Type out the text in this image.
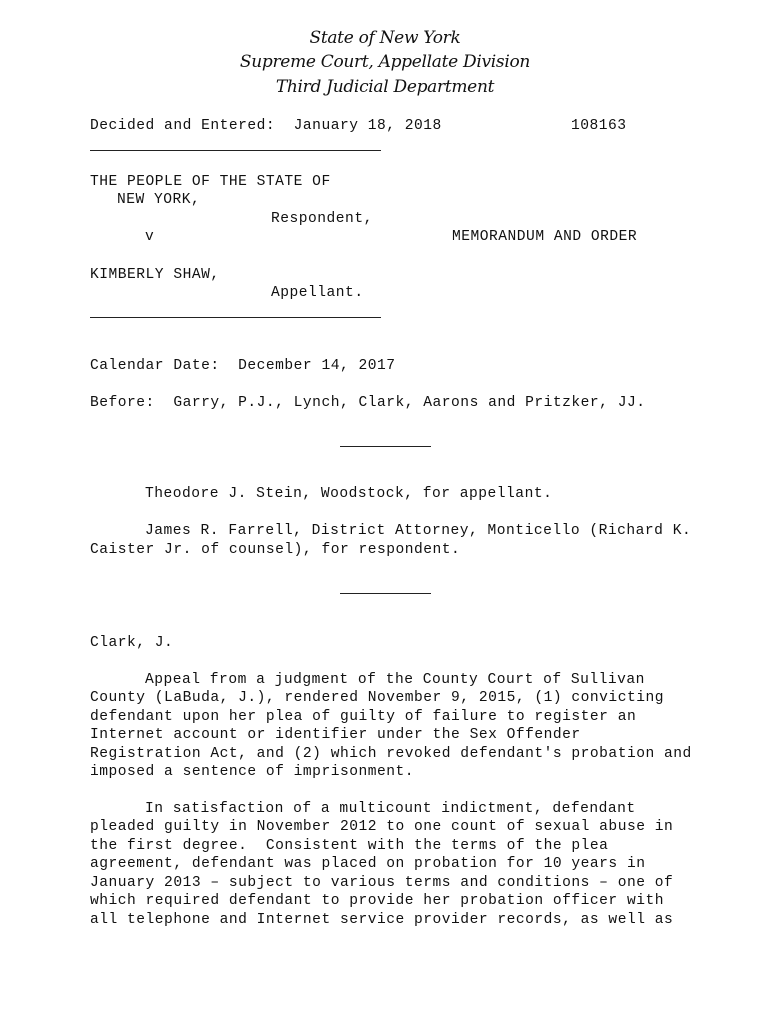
State of New York
Supreme Court, Appellate Division
Third Judicial Department
Decided and Entered:  January 18, 2018	108163
THE PEOPLE OF THE STATE OF
NEW YORK,
Respondent,
v	MEMORANDUM AND ORDER
KIMBERLY SHAW,
Appellant.
Calendar Date:  December 14, 2017
Before:  Garry, P.J., Lynch, Clark, Aarons and Pritzker, JJ.
Theodore J. Stein, Woodstock, for appellant.
James R. Farrell, District Attorney, Monticello (Richard K.
Caister Jr. of counsel), for respondent.
Clark, J.
Appeal from a judgment of the County Court of Sullivan
County (LaBuda, J.), rendered November 9, 2015, (1) convicting
defendant upon her plea of guilty of failure to register an
Internet account or identifier under the Sex Offender
Registration Act, and (2) which revoked defendant's probation and
imposed a sentence of imprisonment.
In satisfaction of a multicount indictment, defendant
pleaded guilty in November 2012 to one count of sexual abuse in
the first degree.  Consistent with the terms of the plea
agreement, defendant was placed on probation for 10 years in
January 2013 – subject to various terms and conditions – one of
which required defendant to provide her probation officer with
all telephone and Internet service provider records, as well as
